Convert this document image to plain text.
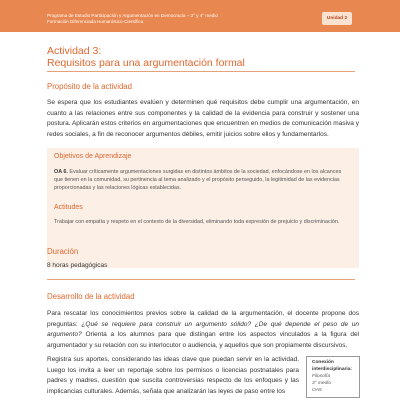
Programa de Estudio Participación y Argumentación en Democracia – 3° y 4° medio
Formación Diferenciada Humanístico-Científica
Unidad 2
Actividad 3:
Requisitos para una argumentación formal
Propósito de la actividad
Se espera que los estudiantes evalúen y determinen qué requisitos debe cumplir una argumentación, en cuanto a las relaciones entre sus componentes y la calidad de la evidencia para construir y sostener una postura. Aplicarán estos criterios en argumentaciones que encuentren en medios de comunicación masiva y redes sociales, a fin de reconocer argumentos débiles, emitir juicios sobre ellos y fundamentarlos.
Objetivos de Aprendizaje
OA 6. Evaluar críticamente argumentaciones surgidas en distintos ámbitos de la sociedad, enfocándose en los alcances que tienen en la comunidad, su pertinencia al tema analizado y el propósito perseguido, la legitimidad de las evidencias proporcionadas y las relaciones lógicas establecidas.
Actitudes
Trabajar con empatía y respeto en el contexto de la diversidad, eliminando toda expresión de prejuicio y discriminación.
Duración
8 horas pedagógicas
Desarrollo de la actividad
Para rescatar los conocimientos previos sobre la calidad de la argumentación, el docente propone dos preguntas: ¿Qué se requiere para construir un argumento sólido? ¿De qué depende el peso de un argumento? Orienta a los alumnos para que distingan entre los aspectos vinculados a la figura del argumentador y su relación con su interlocutor o audiencia, y aquellos que son propiamente discursivos.
Registra sus aportes, considerando las ideas clave que puedan servir en la actividad. Luego los invita a leer un reportaje sobre los permisos o licencias postnatales para padres y madres, cuestión que suscita controversias respecto de los enfoques y las implicancias culturales. Además, señala que analizarán las leyes de paso entre los
Conexión
interdisciplinaria:
Filosofía
3° medio
OA5
